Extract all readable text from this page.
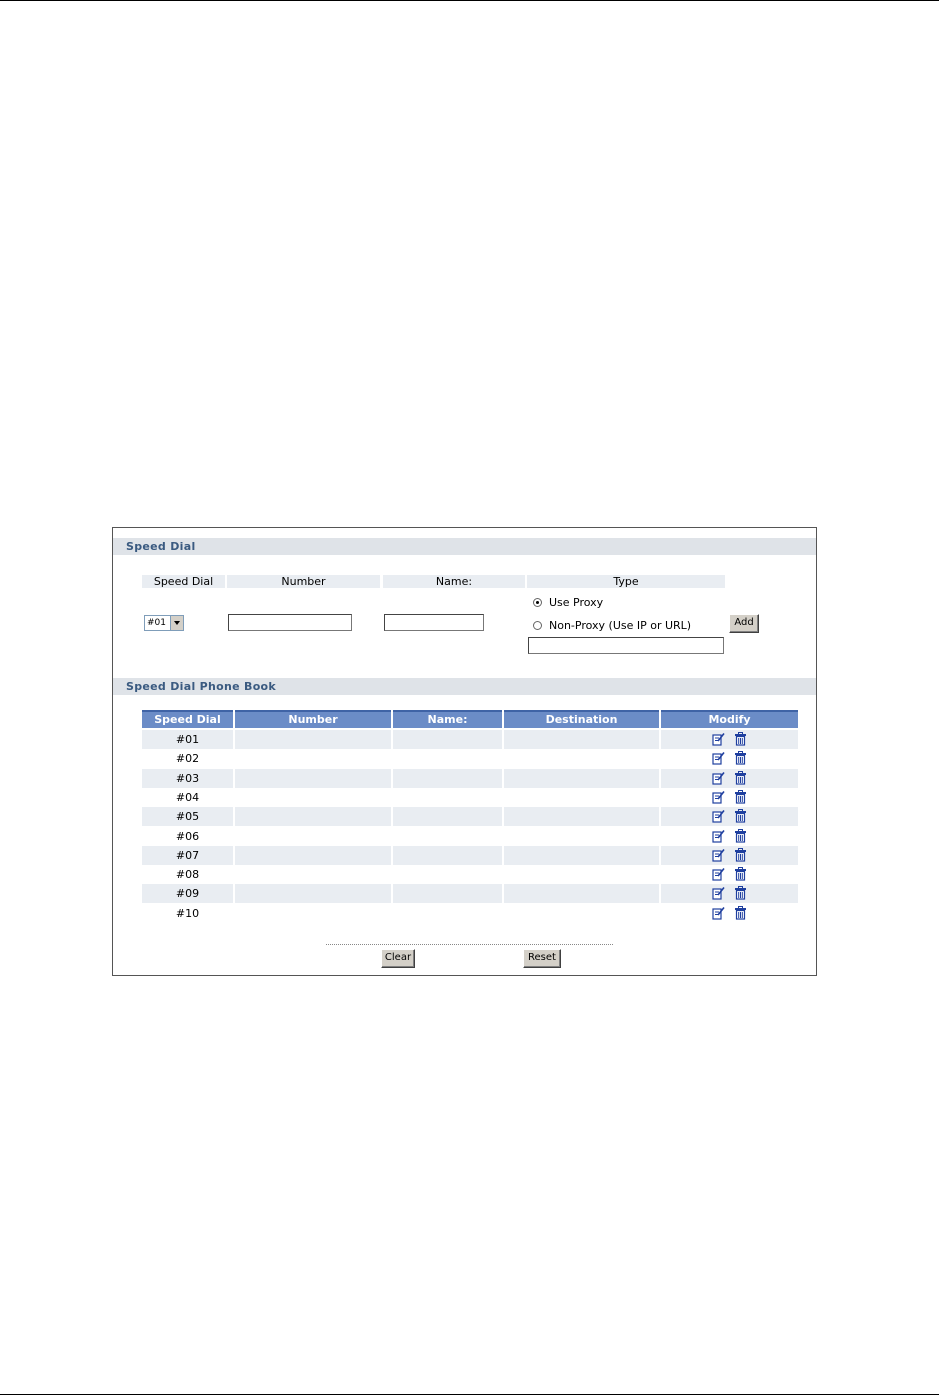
Speed Dial
Speed Dial	Number	Name:	Type
#01
Use Proxy
Non-Proxy (Use IP or URL)	Add
Speed Dial Phone Book
Speed Dial	Number	Name:	Destination	Modify
#01
#02
#03
#04
#05
#06
#07
#08
#09
#10
Clear	Reset
